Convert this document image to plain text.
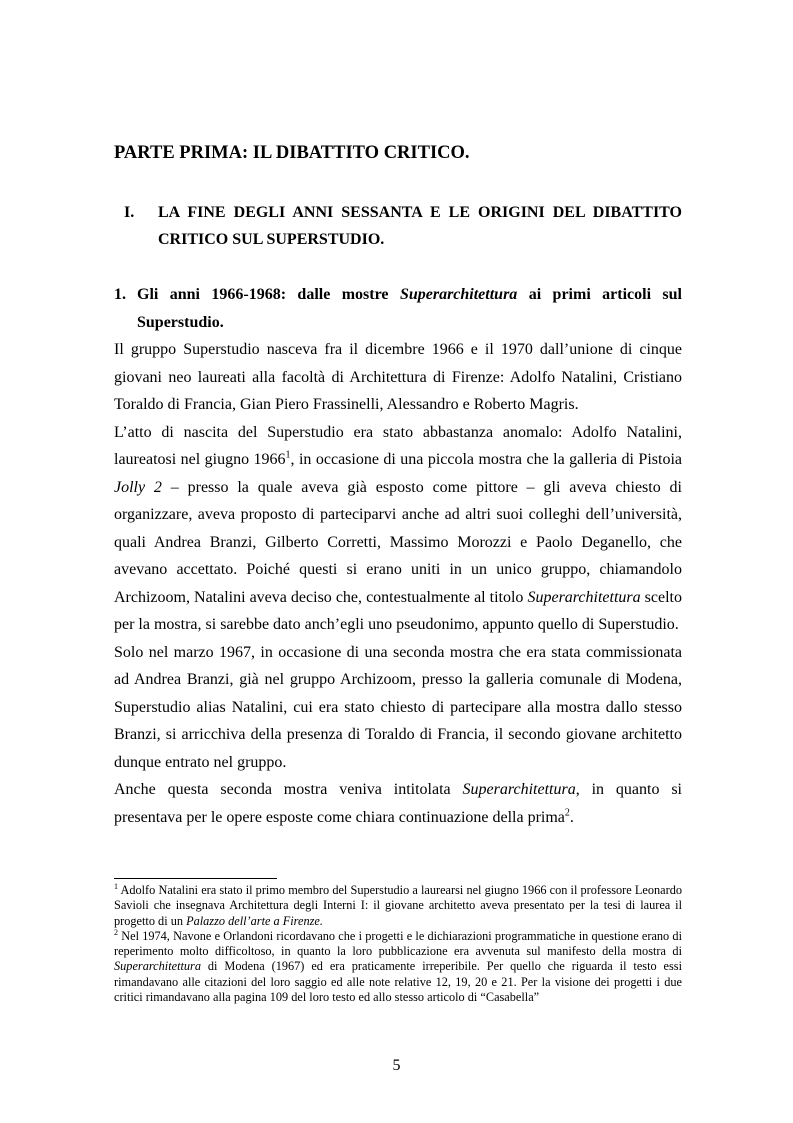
PARTE PRIMA: IL DIBATTITO CRITICO.
I. LA FINE DEGLI ANNI SESSANTA E LE ORIGINI DEL DIBATTITO CRITICO SUL SUPERSTUDIO.
1. Gli anni 1966-1968: dalle mostre Superarchitettura ai primi articoli sul Superstudio.

Il gruppo Superstudio nasceva fra il dicembre 1966 e il 1970 dall’unione di cinque giovani neo laureati alla facoltà di Architettura di Firenze: Adolfo Natalini, Cristiano Toraldo di Francia, Gian Piero Frassinelli, Alessandro e Roberto Magris.

L’atto di nascita del Superstudio era stato abbastanza anomalo: Adolfo Natalini, laureatosi nel giugno 1966$^1$, in occasione di una piccola mostra che la galleria di Pistoia Jolly 2 – presso la quale aveva già esposto come pittore – gli aveva chiesto di organizzare, aveva proposto di parteciparvi anche ad altri suoi colleghi dell’università, quali Andrea Branzi, Gilberto Corretti, Massimo Morozzi e Paolo Deganello, che avevano accettato. Poiché questi si erano uniti in un unico gruppo, chiamandolo Archizoom, Natalini aveva deciso che, contestualmente al titolo Superarchitettura scelto per la mostra, si sarebbe dato anch’egli uno pseudonimo, appunto quello di Superstudio.

Solo nel marzo 1967, in occasione di una seconda mostra che era stata commissionata ad Andrea Branzi, già nel gruppo Archizoom, presso la galleria comunale di Modena, Superstudio alias Natalini, cui era stato chiesto di partecipare alla mostra dallo stesso Branzi, si arricchiva della presenza di Toraldo di Francia, il secondo giovane architetto dunque entrato nel gruppo.

Anche questa seconda mostra veniva intitolata Superarchitettura, in quanto si presentava per le opere esposte come chiara continuazione della prima$^2$.

$^1$ Adolfo Natalini era stato il primo membro del Superstudio a laurearsi nel giugno 1966 con il professore Leonardo Savioli che insegnava Architettura degli Interni I: il giovane architetto aveva presentato per la tesi di laurea il progetto di un Palazzo dell’arte a Firenze.

$^2$ Nel 1974, Navone e Orlandoni ricordavano che i progetti e le dichiarazioni programmatiche in questione erano di reperimento molto difficoltoso, in quanto la loro pubblicazione era avvenuta sul manifesto della mostra di Superarchitettura di Modena (1967) ed era praticamente irreperibile. Per quello che riguarda il testo essi rimandavano alle citazioni del loro saggio ed alle note relative 12, 19, 20 e 21. Per la visione dei progetti i due critici rimandavano alla pagina 109 del loro testo ed allo stesso articolo di “Casabella”

5
